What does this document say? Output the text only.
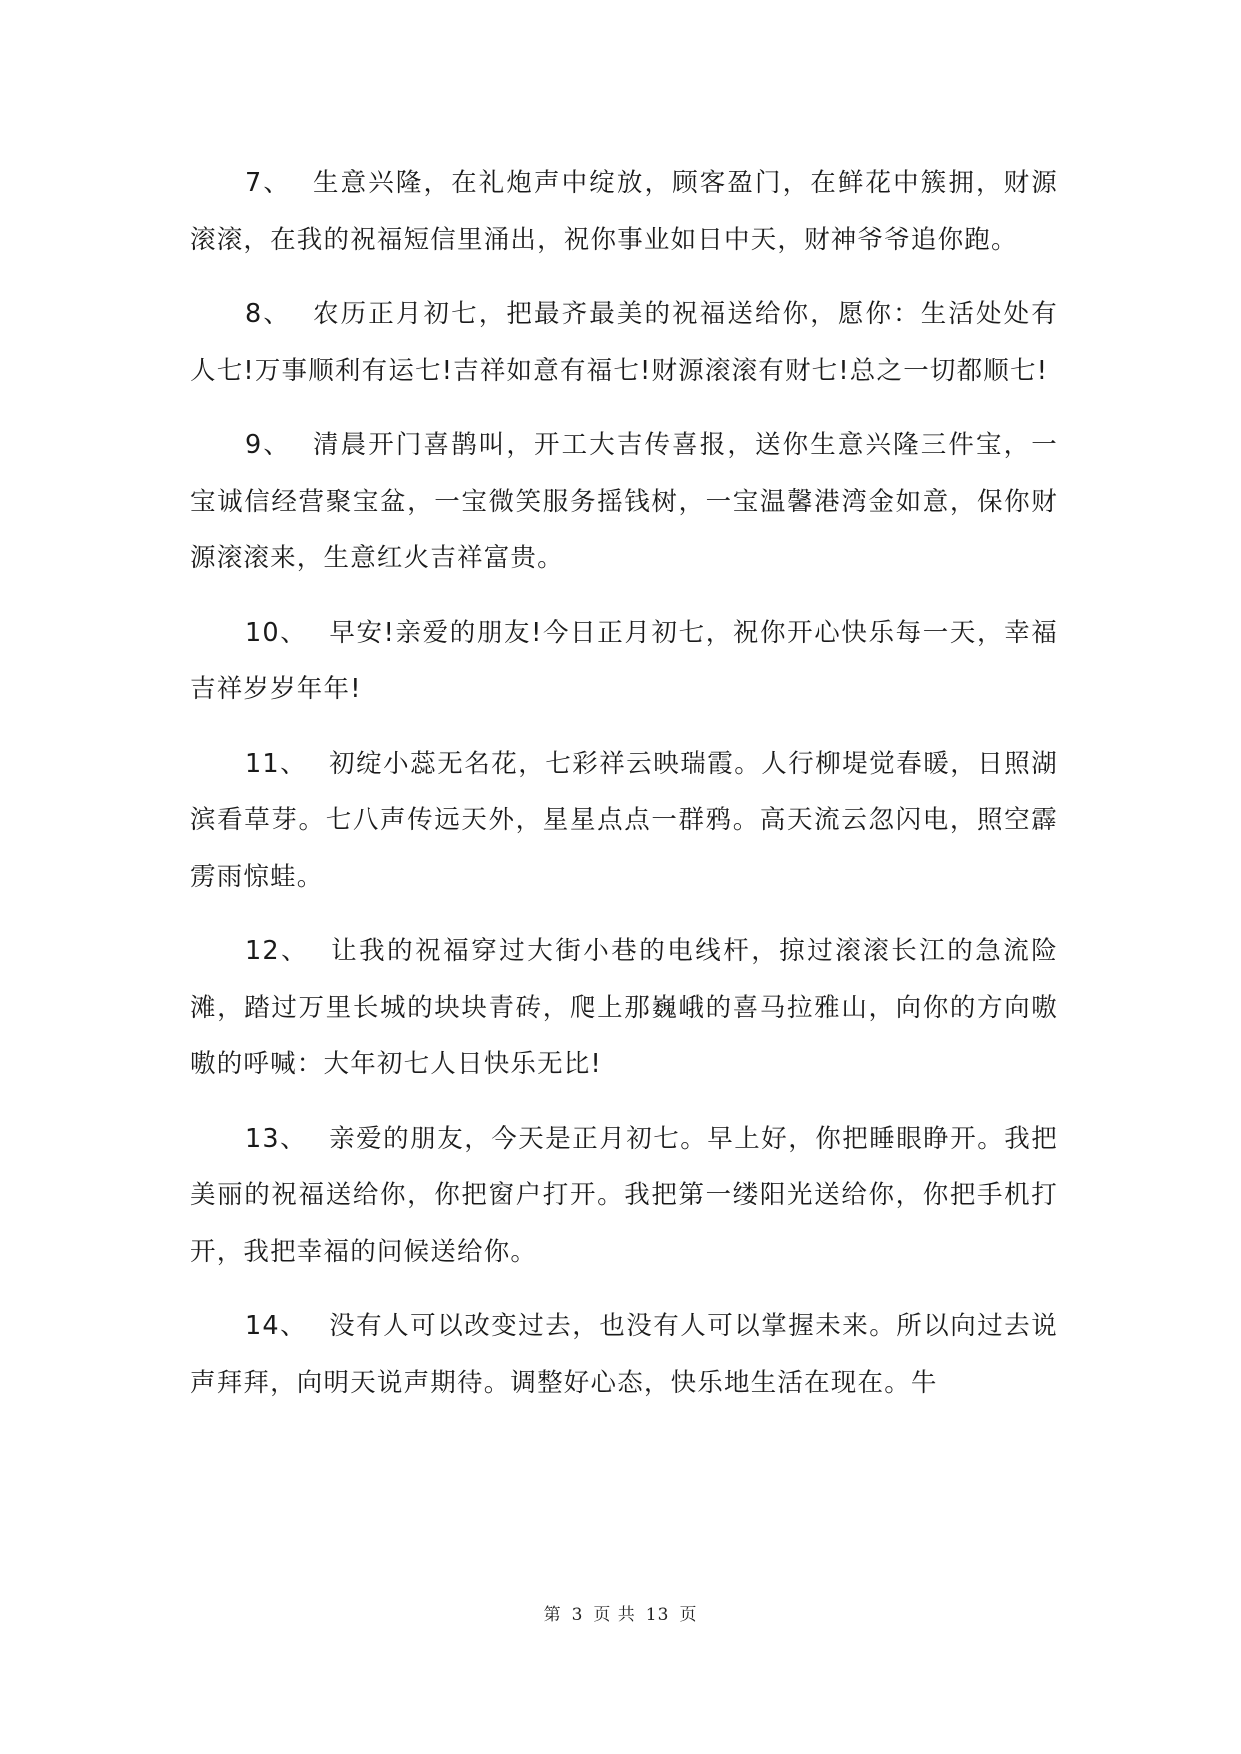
7、 生意兴隆，在礼炮声中绽放，顾客盈门，在鲜花中簇拥，财源滚滚，在我的祝福短信里涌出，祝你事业如日中天，财神爷爷追你跑。

8、 农历正月初七，把最齐最美的祝福送给你，愿你：生活处处有人七!万事顺利有运七!吉祥如意有福七!财源滚滚有财七!总之一切都顺七!

9、 清晨开门喜鹊叫，开工大吉传喜报，送你生意兴隆三件宝，一宝诚信经营聚宝盆，一宝微笑服务摇钱树，一宝温馨港湾金如意，保你财源滚滚来，生意红火吉祥富贵。

10、 早安!亲爱的朋友!今日正月初七，祝你开心快乐每一天，幸福吉祥岁岁年年!

11、 初绽小蕊无名花，七彩祥云映瑞霞。人行柳堤觉春暖，日照湖滨看草芽。七八声传远天外，星星点点一群鸦。高天流云忽闪电，照空霹雳雨惊蛙。

12、 让我的祝福穿过大街小巷的电线杆，掠过滚滚长江的急流险滩，踏过万里长城的块块青砖，爬上那巍峨的喜马拉雅山，向你的方向嗷嗷的呼喊：大年初七人日快乐无比!

13、 亲爱的朋友，今天是正月初七。早上好，你把睡眼睁开。我把美丽的祝福送给你，你把窗户打开。我把第一缕阳光送给你，你把手机打开，我把幸福的问候送给你。

14、 没有人可以改变过去，也没有人可以掌握未来。所以向过去说声拜拜，向明天说声期待。调整好心态，快乐地生活在现在。牛

第 3 页 共 13 页
